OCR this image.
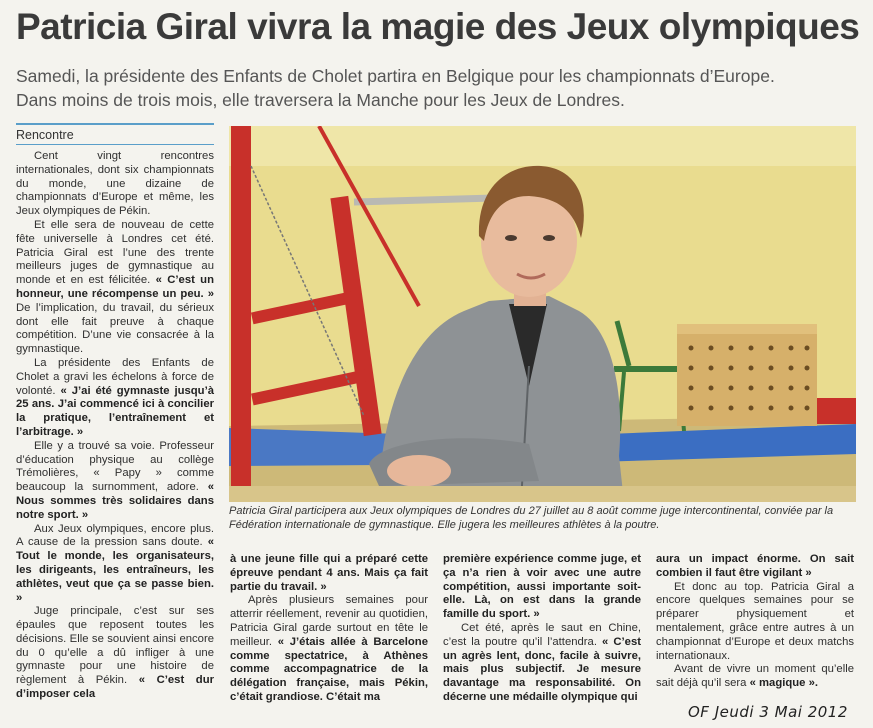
Patricia Giral vivra la magie des Jeux olympiques
Samedi, la présidente des Enfants de Cholet partira en Belgique pour les championnats d’Europe.
Dans moins de trois mois, elle traversera la Manche pour les Jeux de Londres.
Rencontre

Cent vingt rencontres internationales, dont six championnats du monde, une dizaine de championnats d’Europe et même, les Jeux olympiques de Pékin.

Et elle sera de nouveau de cette fête universelle à Londres cet été. Patricia Giral est l’une des trente meilleurs juges de gymnastique au monde et en est félicitée. « C’est un honneur, une récompense un peu. » De l’implication, du travail, du sérieux dont elle fait preuve à chaque compétition. D’une vie consacrée à la gymnastique.

La présidente des Enfants de Cholet a gravi les échelons à force de volonté. « J’ai été gymnaste jusqu’à 25 ans. J’ai commencé ici à concilier la pratique, l’entraînement et l’arbitrage. »

Elle y a trouvé sa voie. Professeur d’éducation physique au collège Trémolières, « Papy » comme beaucoup la surnomment, adore. « Nous sommes très solidaires dans notre sport. »

Aux Jeux olympiques, encore plus. A cause de la pression sans doute. « Tout le monde, les organisateurs, les dirigeants, les entraîneurs, les athlètes, veut que ça se passe bien. »

Juge principale, c’est sur ses épaules que reposent toutes les décisions. Elle se souvient ainsi encore du 0 qu’elle a dû infliger à une gymnaste pour une histoire de règlement à Pékin. « C’est dur d’imposer cela

Patricia Giral participera aux Jeux olympiques de Londres du 27 juillet au 8 août comme juge intercontinental, conviée par la Fédération internationale de gymnastique. Elle jugera les meilleures athlètes à la poutre.

à une jeune fille qui a préparé cette épreuve pendant 4 ans. Mais ça fait partie du travail. »

Après plusieurs semaines pour atterrir réellement, revenir au quotidien, Patricia Giral garde surtout en tête le meilleur. « J’étais allée à Barcelone comme spectatrice, à Athènes comme accompagnatrice de la délégation française, mais Pékin, c’était grandiose. C’était ma

première expérience comme juge, et ça n’a rien à voir avec une autre compétition, aussi importante soit-elle. Là, on est dans la grande famille du sport. »

Cet été, après le saut en Chine, c’est la poutre qu’il l’attendra. « C’est un agrès lent, donc, facile à suivre, mais plus subjectif. Je mesure davantage ma responsabilité. On décerne une médaille olympique qui

aura un impact énorme. On sait combien il faut être vigilant »

Et donc au top. Patricia Giral a encore quelques semaines pour se préparer physiquement et mentalement, grâce entre autres à un championnat d’Europe et deux matchs internationaux.

Avant de vivre un moment qu’elle sait déjà qu’il sera « magique ».

OF Jeudi 3 Mai 2012
